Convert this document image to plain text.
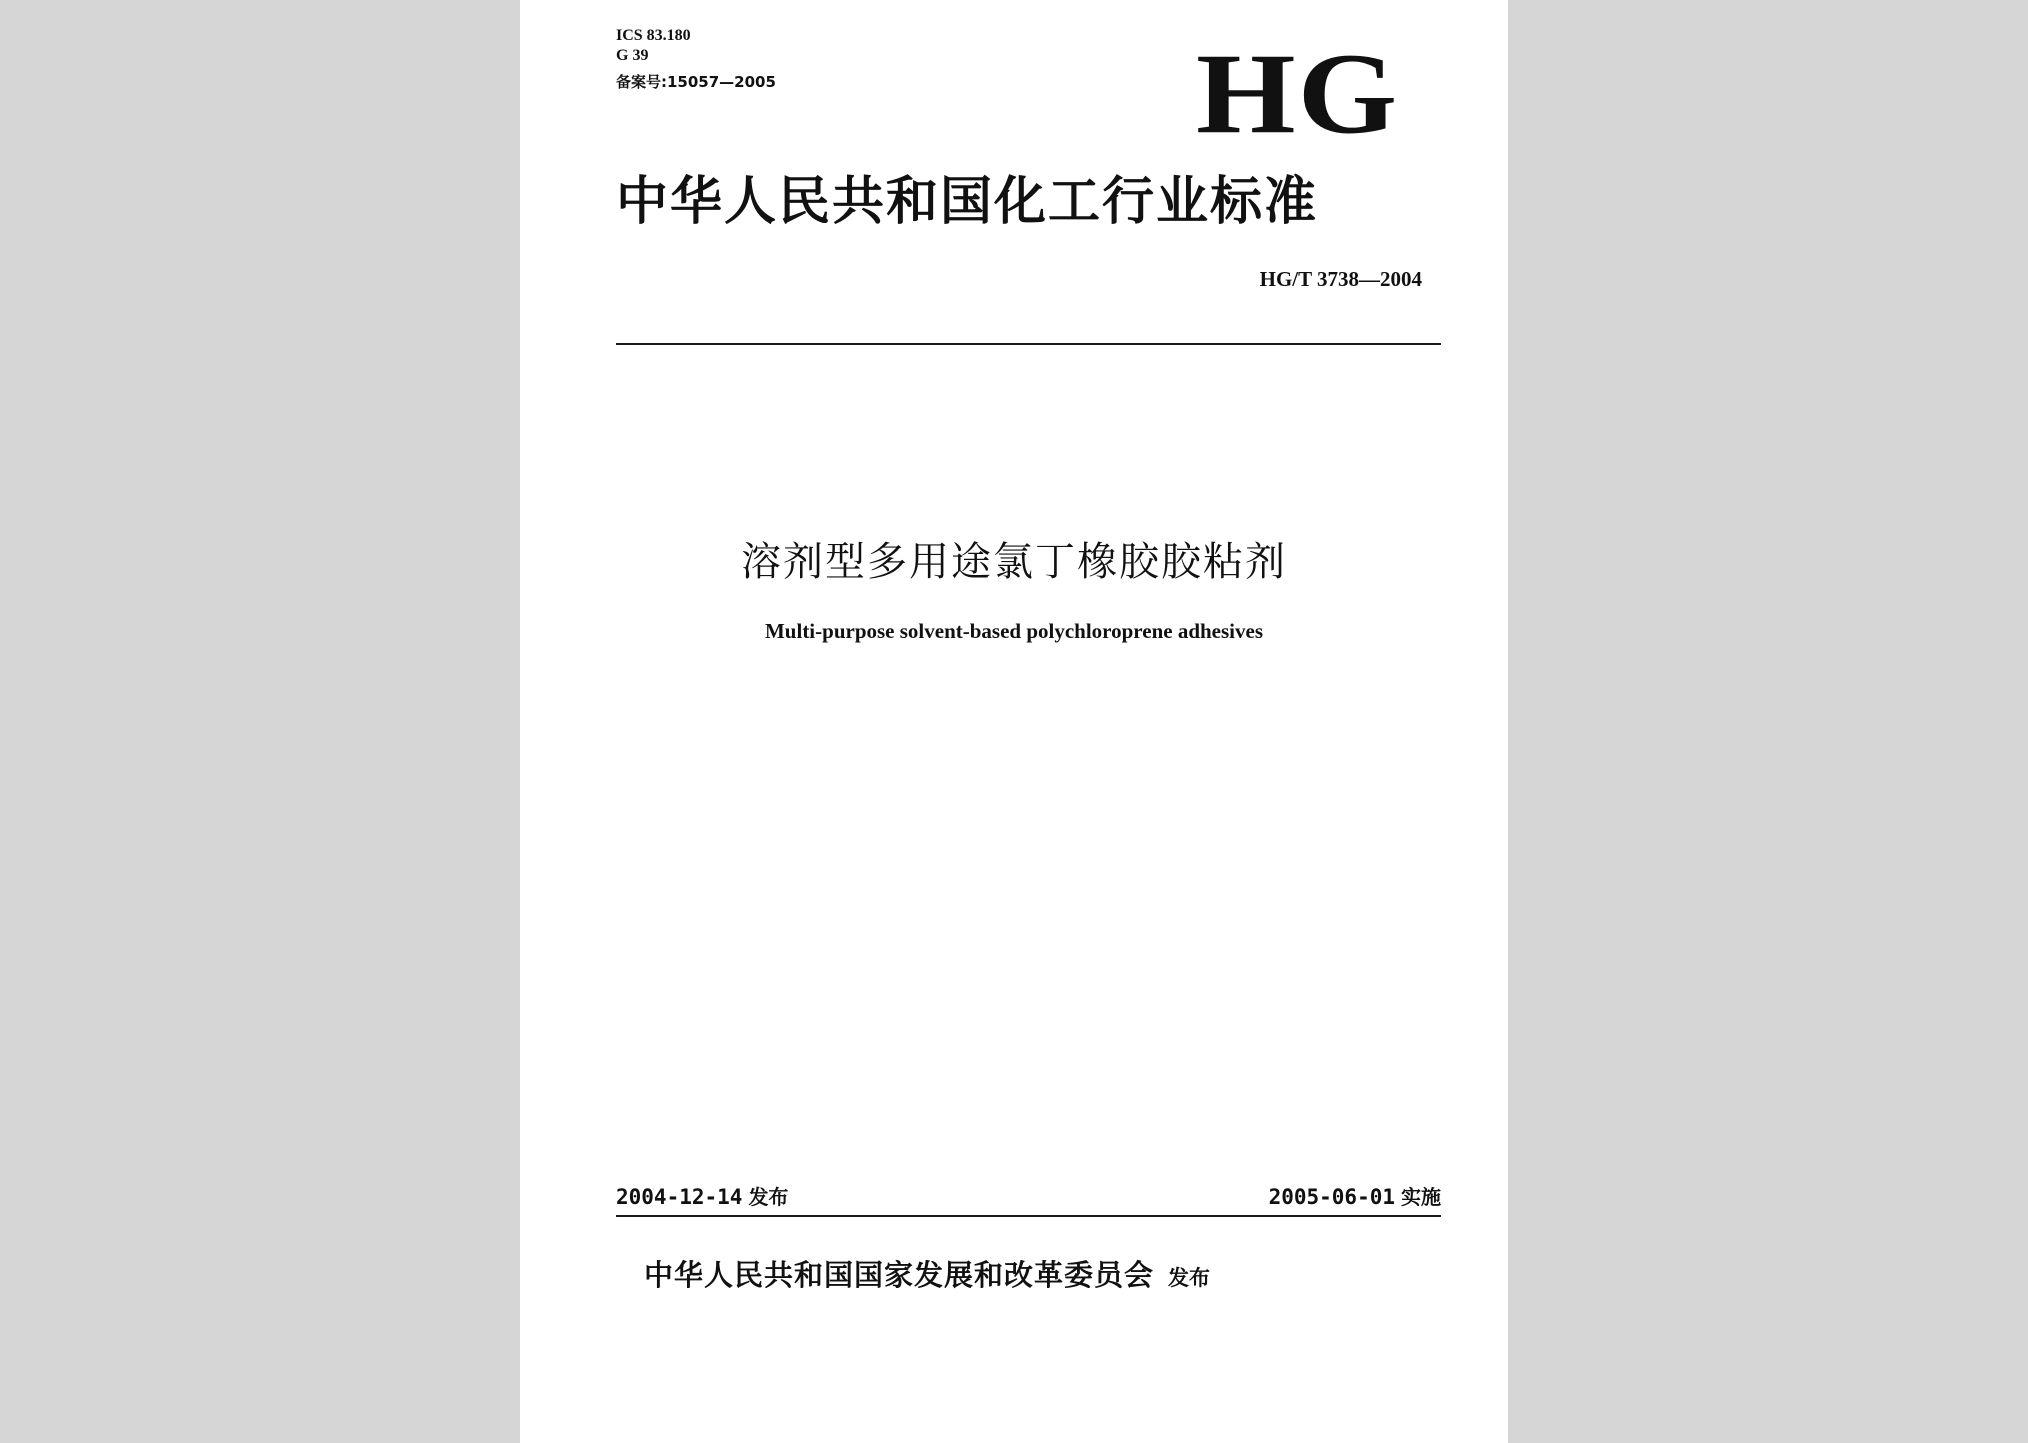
ICS 83.180
G 39
备案号:15057—2005	HG
中华人民共和国化工行业标准
HG/T 3738—2004
溶剂型多用途氯丁橡胶胶粘剂
Multi-purpose solvent-based polychloroprene adhesives
2004-12-14 发布	2005-06-01 实施
中华人民共和国国家发展和改革委员会 发布
